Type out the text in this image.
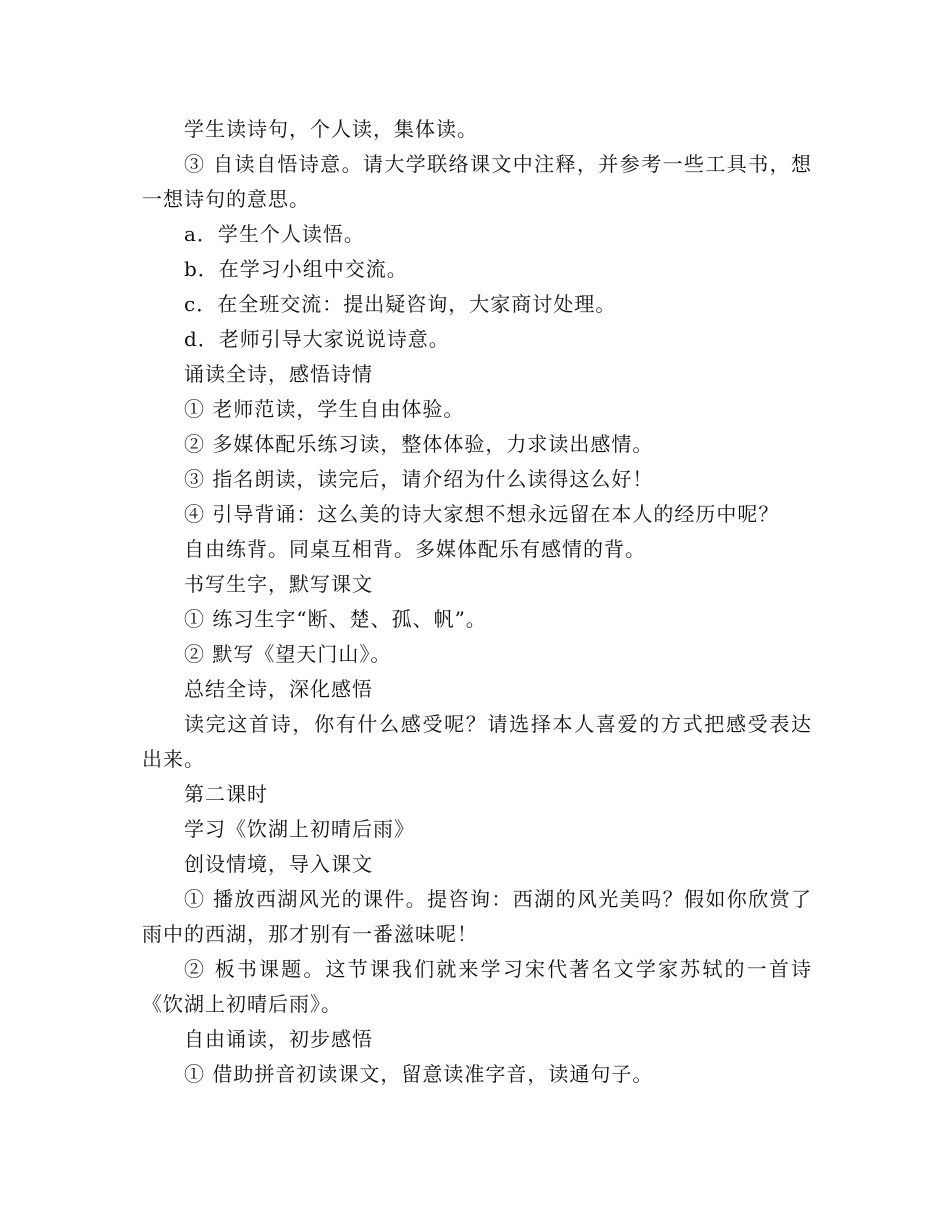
学生读诗句，个人读，集体读。

③ 自读自悟诗意。请大学联络课文中注释，并参考一些工具书，想一想诗句的意思。

a．学生个人读悟。

b．在学习小组中交流。

c．在全班交流：提出疑咨询，大家商讨处理。

d．老师引导大家说说诗意。

诵读全诗，感悟诗情

① 老师范读，学生自由体验。

② 多媒体配乐练习读，整体体验，力求读出感情。

③ 指名朗读，读完后，请介绍为什么读得这么好！

④ 引导背诵：这么美的诗大家想不想永远留在本人的经历中呢？

自由练背。同桌互相背。多媒体配乐有感情的背。

书写生字，默写课文

① 练习生字“断、楚、孤、帆”。

② 默写《望天门山》。

总结全诗，深化感悟

读完这首诗，你有什么感受呢？请选择本人喜爱的方式把感受表达出来。

第二课时

学习《饮湖上初晴后雨》

创设情境，导入课文

① 播放西湖风光的课件。提咨询：西湖的风光美吗？假如你欣赏了雨中的西湖，那才别有一番滋味呢！

② 板书课题。这节课我们就来学习宋代著名文学家苏轼的一首诗《饮湖上初晴后雨》。

自由诵读，初步感悟

① 借助拼音初读课文，留意读准字音，读通句子。
